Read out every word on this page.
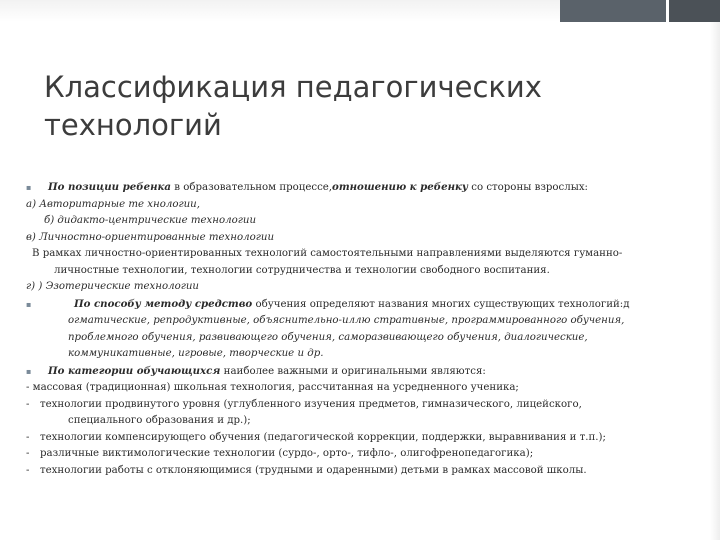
Классификация педагогических технологий
▪ По позиции ребенка в образовательном процессе,отношению к ребенку со стороны взрослых:
а) Авторитарные те хнологии,
б) дидакто-центрические технологии
в) Личностно-ориентированные технологии
В рамках личностно-ориентированных технологий самостоятельными направлениями выделяются гуманно-
личностные технологии, технологии сотрудничества и технологии свободного воспитания.
г) ) Эзотерические технологии
▪	По способу методу средство обучения определяют названия многих существующих технологий:д
огматические, репродуктивные, объяснительно-иллю стративные, программированного обучения,
проблемного обучения, развивающего обучения, саморазвивающего обучения, диалогические,
коммуникативные, игровые, творческие и др.
▪ По категории обучающихся наиболее важными и оригинальными являются:
- массовая (традиционная) школьная технология, рассчитанная на усредненного ученика;
- технологии продвинутого уровня (углубленного изучения предметов, гимназического, лицейского,
специального образования и др.);
- технологии компенсирующего обучения (педагогической коррекции, поддержки, выравнивания и т.п.);
- различные виктимологические технологии (сурдо-, орто-, тифло-, олигофренопедагогика);
- технологии работы с отклоняющимися (трудными и одаренными) детьми в рамках массовой школы.
